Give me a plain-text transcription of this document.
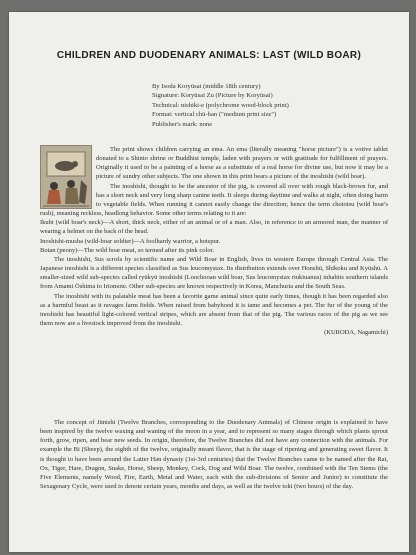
CHILDREN AND DUODENARY ANIMALS: LAST (WILD BOAR)
By Isoda Koryūsai (middle 18th century)
Signature: Koryūsai Zu (Picture by Koryūsai)
Technical: nishiki-e (polychrome wood-block print)
Format: vertical chū-ban ("medium print size")
Publisher's mark: none

The print shows children carrying an ema. An ema (literally meaning "horse picture") is a votive tablet donated to a Shinto shrine or Buddhist temple, laden with prayers or with gratitude for fulfillment of prayers. Originally it used to be a painting of a horse as a substitute of a real horse for divine use, but now it may be a picture of sundry other subjects. The one shown in this print bears a picture of the inoshishi (wild boar).

The inoshishi, thought to be the ancestor of the pig, is covered all over with rough black-brown fur, and has a short neck and very long sharp canine teeth. It sleeps during daytime and walks at night, often doing harm to vegetable fields. When running it cannot easily change the direction; hence the term chototsu (wild boar's rush), meaning reckless, headlong behavior. Some other terms relating to it are:

Ikubi (wild boar's neck)—A short, thick neck, either of an animal or of a man. Also, in reference to an armored man, the manner of wearing a helmet on the back of the head.

Inoshishi-musha (wild-boar soldier)—A foolhardy warrior, a hotspur.

Botan (peony)—The wild boar meat, so termed after its pink color.

The inoshishi, Sus scrofa by scientific name and Wild Boar in English, lives in western Europe through Central Asia. The Japanese inoshishi is a different species classified as Sus leucomystax. Its distribution extends over Honshū, Shikoku and Kyūshū. A smaller-sized wild sub-species called ryūkyū inoshishi (Loochooan wild boar, Sus leucomystax riukiuanus) inhabits southern islands from Amami Ōshima to Iriomote. Other sub-species are known respectively in Korea, Manchuria and the South Seas.

The inoshishi with its palatable meat has been a favorite game animal since quite early times, though it has been regarded also as a harmful beast as it ravages farm fields. When raised from babyhood it is tame and becomes a pet. The fur of the young of the inoshishi has beautiful light-colored vertical stripes, which are absent from that of the pig. The various races of the pig as we see them now are a livestock improved from the inoshishi.

(KURODA, Nagamichi)

The concept of Jūnishi (Twelve Branches, corresponding to the Duodenary Animals) of Chinese origin is explained to have been inspired by the twelve waxing and waning of the moon in a year, and to represent so many stages through which plants sprout forth, grow, ripen, and bear new seeds. In origin, therefore, the Twelve Branches did not have any connection with the animals. For example the Bi (Sheep), the eighth of the twelve, originally meant flavor, that is the stage of ripening and generating sweet flavor. It is thought to have been around the Latter Han dynasty (1st-3rd centuries) that the Twelve Branches came to be named after the Rat, Ox, Tiger, Hare, Dragon, Snake, Horse, Sheep, Monkey, Cock, Dog and Wild Boar. The twelve, combined with the Ten Stems (the Five Elements, namely Wood, Fire, Earth, Metal and Water, each with the sub-divisions of Senior and Junior) to constitute the Sexagenary Cycle, were used to denote certain years, months and days, as well as the twelve toki (two hours) of the day.
